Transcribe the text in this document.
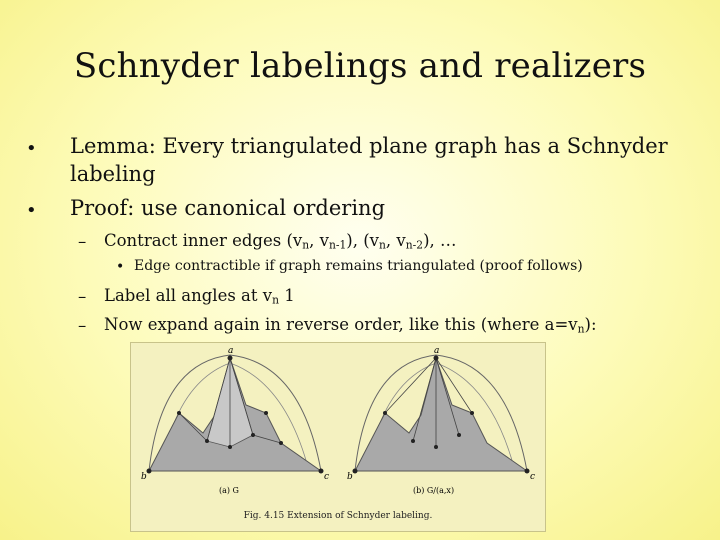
Schnyder labelings and realizers
• Lemma: Every triangulated plane graph has a Schnyder
labeling
• Proof: use canonical ordering
– Contract inner edges ($v_n$, $v_{n-1}$), ($v_n$, $v_{n-2}$), …
• Edge contractible if graph remains triangulated (proof follows)
– Label all angles at $v_n$ 1
– Now expand again in reverse order, like this (where $a=v_n$):
a
b	c
a
b	c
(a) G	(b) G/(a,x)
Fig. 4.15 Extension of Schnyder labeling.
